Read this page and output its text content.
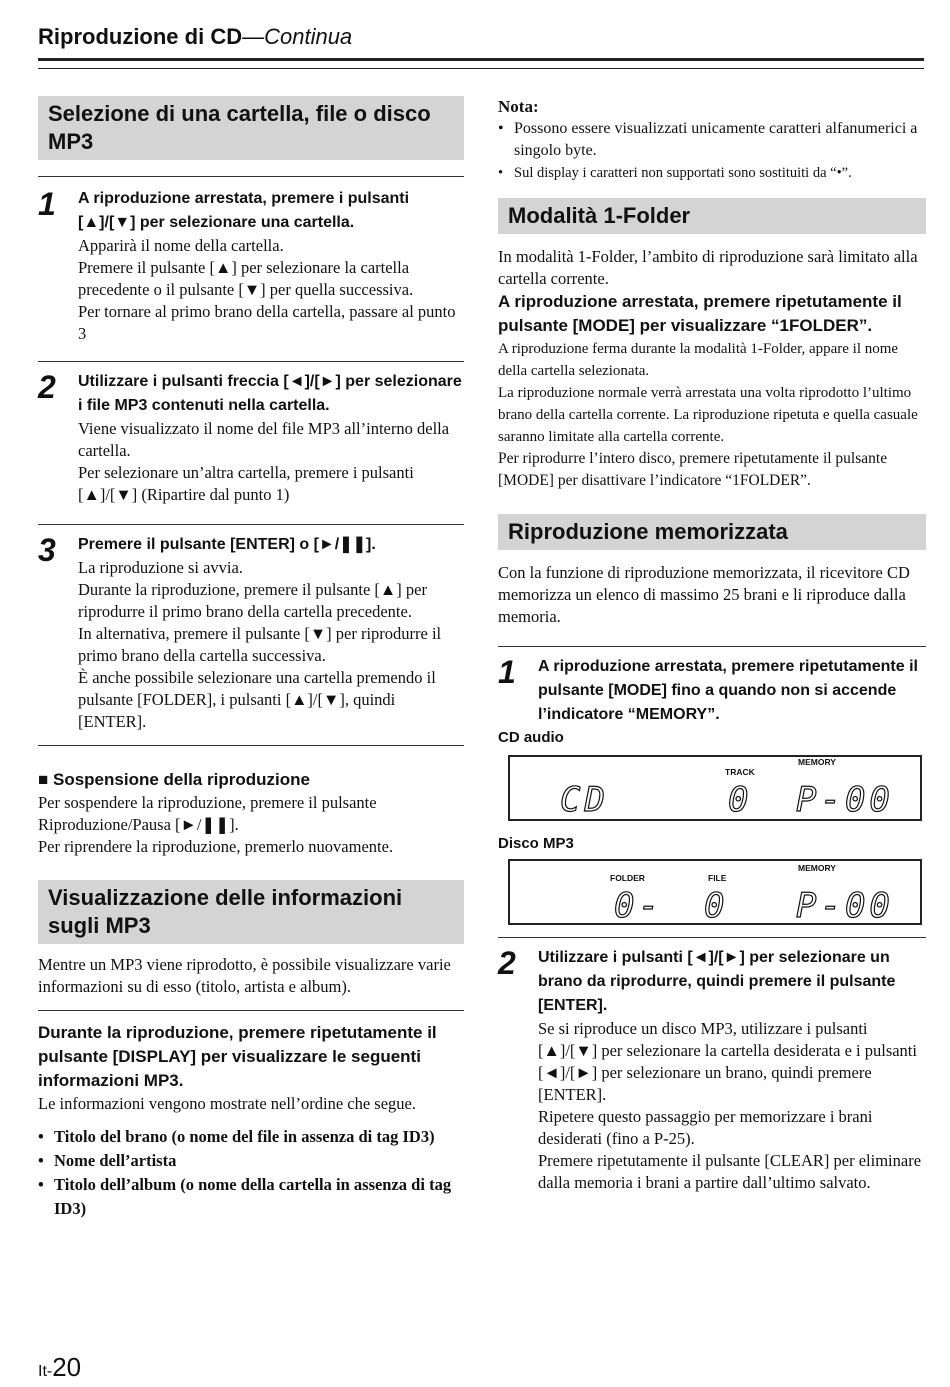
Riproduzione di CD—Continua
Selezione di una cartella, file o disco MP3
1 A riproduzione arrestata, premere i pulsanti [▲]/[▼] per selezionare una cartella.

Apparirà il nome della cartella.

Premere il pulsante [▲] per selezionare la cartella precedente o il pulsante [▼] per quella successiva.

Per tornare al primo brano della cartella, passare al punto 3

2 Utilizzare i pulsanti freccia [◄]/[►] per selezionare i file MP3 contenuti nella cartella.

Viene visualizzato il nome del file MP3 all’interno della cartella.

Per selezionare un’altra cartella, premere i pulsanti [▲]/[▼] (Ripartire dal punto 1)

3 Premere il pulsante [ENTER] o [►/❚❚].

La riproduzione si avvia.

Durante la riproduzione, premere il pulsante [▲] per riprodurre il primo brano della cartella precedente.

In alternativa, premere il pulsante [▼] per riprodurre il primo brano della cartella successiva.

È anche possibile selezionare una cartella premendo il pulsante [FOLDER], i pulsanti [▲]/[▼], quindi [ENTER].

■ Sospensione della riproduzione

Per sospendere la riproduzione, premere il pulsante Riproduzione/Pausa [►/❚❚].

Per riprendere la riproduzione, premerlo nuovamente.

Visualizzazione delle informazioni sugli MP3

Mentre un MP3 viene riprodotto, è possibile visualizzare varie informazioni su di esso (titolo, artista e album).

Durante la riproduzione, premere ripetutamente il pulsante [DISPLAY] per visualizzare le seguenti informazioni MP3.

Le informazioni vengono mostrate nell’ordine che segue.

• Titolo del brano (o nome del file in assenza di tag ID3)
• Nome dell’artista
• Titolo dell’album (o nome della cartella in assenza di tag ID3)

Nota:

• Possono essere visualizzati unicamente caratteri alfanumerici a singolo byte.
• Sul display i caratteri non supportati sono sostituiti da “•”.
Modalità 1-Folder

In modalità 1-Folder, l’ambito di riproduzione sarà limitato alla cartella corrente.

A riproduzione arrestata, premere ripetutamente il pulsante [MODE] per visualizzare “1FOLDER”.

A riproduzione ferma durante la modalità 1-Folder, appare il nome della cartella selezionata.

La riproduzione normale verrà arrestata una volta riprodotto l’ultimo brano della cartella corrente. La riproduzione ripetuta e quella casuale saranno limitate alla cartella corrente.

Per riprodurre l’intero disco, premere ripetutamente il pulsante [MODE] per disattivare l’indicatore “1FOLDER”.

Riproduzione memorizzata

Con la funzione di riproduzione memorizzata, il ricevitore CD memorizza un elenco di massimo 25 brani e li riproduce dalla memoria.

1 A riproduzione arrestata, premere ripetutamente il pulsante [MODE] fino a quando non si accende l’indicatore “MEMORY”.

CD audio

TRACK
MEMORY
CD	0 P-00

Disco MP3

FOLDER	FILE
MEMORY
0- 0 P-00
2 Utilizzare i pulsanti [◄]/[►] per selezionare un brano da riprodurre, quindi premere il pulsante [ENTER].

Se si riproduce un disco MP3, utilizzare i pulsanti [▲]/[▼] per selezionare la cartella desiderata e i pulsanti [◄]/[►] per selezionare un brano, quindi premere [ENTER].

Ripetere questo passaggio per memorizzare i brani desiderati (fino a P-25).

Premere ripetutamente il pulsante [CLEAR] per eliminare dalla memoria i brani a partire dall’ultimo salvato.

It-20
